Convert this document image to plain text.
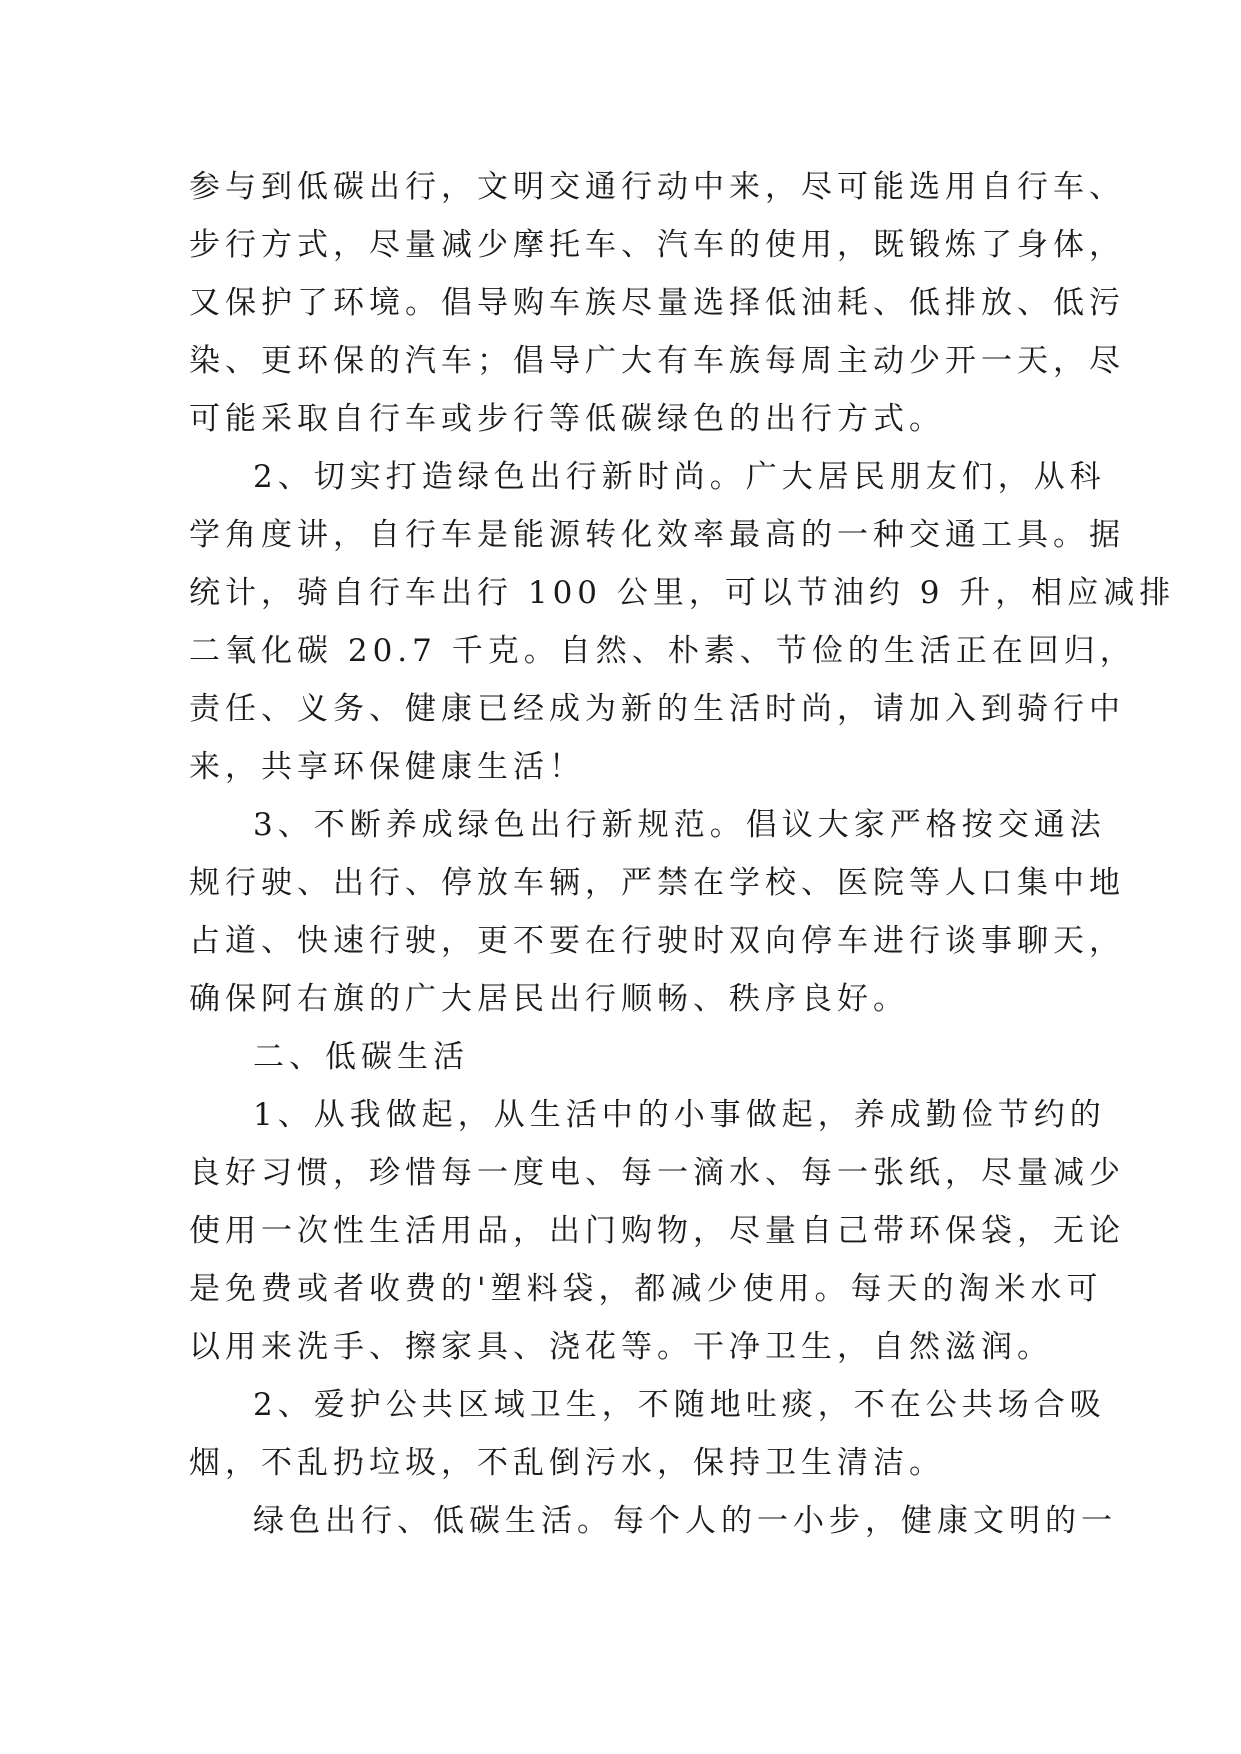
参与到低碳出行，文明交通行动中来，尽可能选用自行车、
步行方式，尽量减少摩托车、汽车的使用，既锻炼了身体，
又保护了环境。倡导购车族尽量选择低油耗、低排放、低污
染、更环保的汽车；倡导广大有车族每周主动少开一天，尽
可能采取自行车或步行等低碳绿色的出行方式。
2、切实打造绿色出行新时尚。广大居民朋友们，从科
学角度讲，自行车是能源转化效率最高的一种交通工具。据
统计，骑自行车出行 100 公里，可以节油约 9 升，相应减排
二氧化碳 20.7 千克。自然、朴素、节俭的生活正在回归，
责任、义务、健康已经成为新的生活时尚，请加入到骑行中
来，共享环保健康生活！
3、不断养成绿色出行新规范。倡议大家严格按交通法
规行驶、出行、停放车辆，严禁在学校、医院等人口集中地
占道、快速行驶，更不要在行驶时双向停车进行谈事聊天，
确保阿右旗的广大居民出行顺畅、秩序良好。
二、低碳生活
1、从我做起，从生活中的小事做起，养成勤俭节约的
良好习惯，珍惜每一度电、每一滴水、每一张纸，尽量减少
使用一次性生活用品，出门购物，尽量自己带环保袋，无论
是免费或者收费的'塑料袋，都减少使用。每天的淘米水可
以用来洗手、擦家具、浇花等。干净卫生，自然滋润。
2、爱护公共区域卫生，不随地吐痰，不在公共场合吸
烟，不乱扔垃圾，不乱倒污水，保持卫生清洁。
绿色出行、低碳生活。每个人的一小步，健康文明的一
